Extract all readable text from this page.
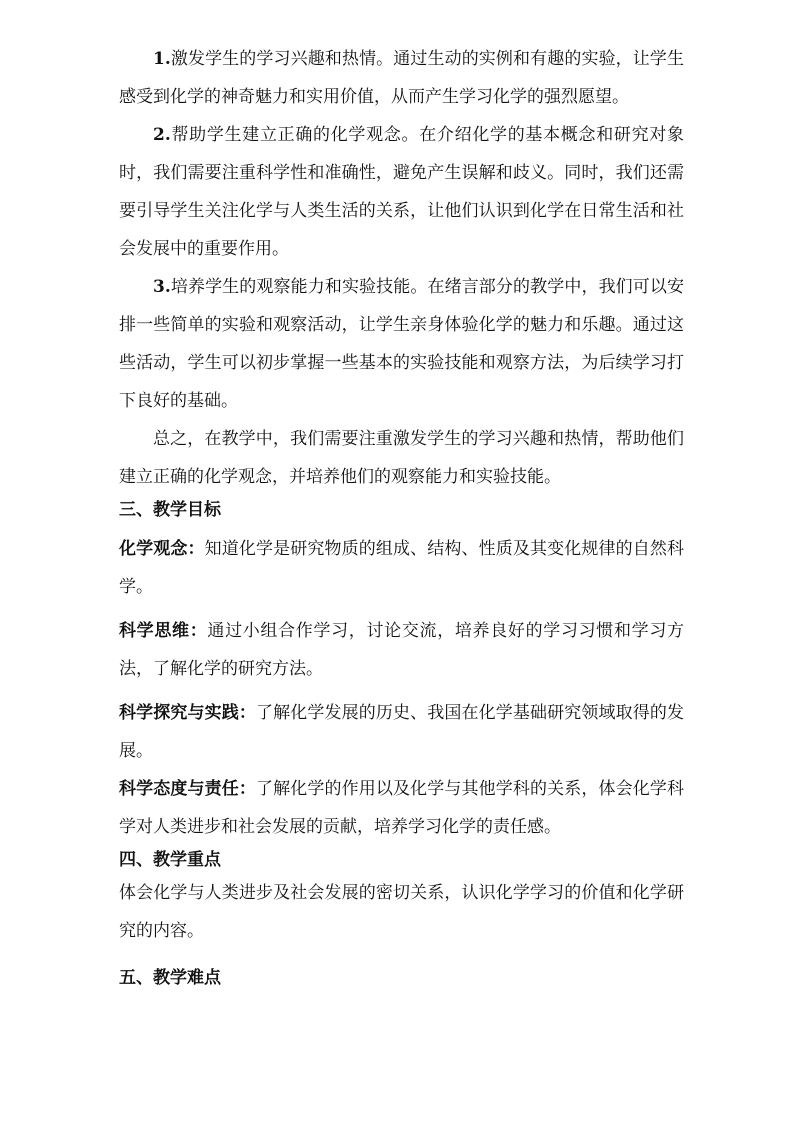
1.激发学生的学习兴趣和热情。通过生动的实例和有趣的实验，让学生感受到化学的神奇魅力和实用价值，从而产生学习化学的强烈愿望。

2.帮助学生建立正确的化学观念。在介绍化学的基本概念和研究对象时，我们需要注重科学性和准确性，避免产生误解和歧义。同时，我们还需要引导学生关注化学与人类生活的关系，让他们认识到化学在日常生活和社会发展中的重要作用。

3.培养学生的观察能力和实验技能。在绪言部分的教学中，我们可以安排一些简单的实验和观察活动，让学生亲身体验化学的魅力和乐趣。通过这些活动，学生可以初步掌握一些基本的实验技能和观察方法，为后续学习打下良好的基础。

总之，在教学中，我们需要注重激发学生的学习兴趣和热情，帮助他们建立正确的化学观念，并培养他们的观察能力和实验技能。

三、教学目标

化学观念：知道化学是研究物质的组成、结构、性质及其变化规律的自然科学。

科学思维：通过小组合作学习，讨论交流，培养良好的学习习惯和学习方法，了解化学的研究方法。

科学探究与实践：了解化学发展的历史、我国在化学基础研究领域取得的发展。

科学态度与责任：了解化学的作用以及化学与其他学科的关系，体会化学科学对人类进步和社会发展的贡献，培养学习化学的责任感。

四、教学重点

体会化学与人类进步及社会发展的密切关系，认识化学学习的价值和化学研究的内容。

五、教学难点
